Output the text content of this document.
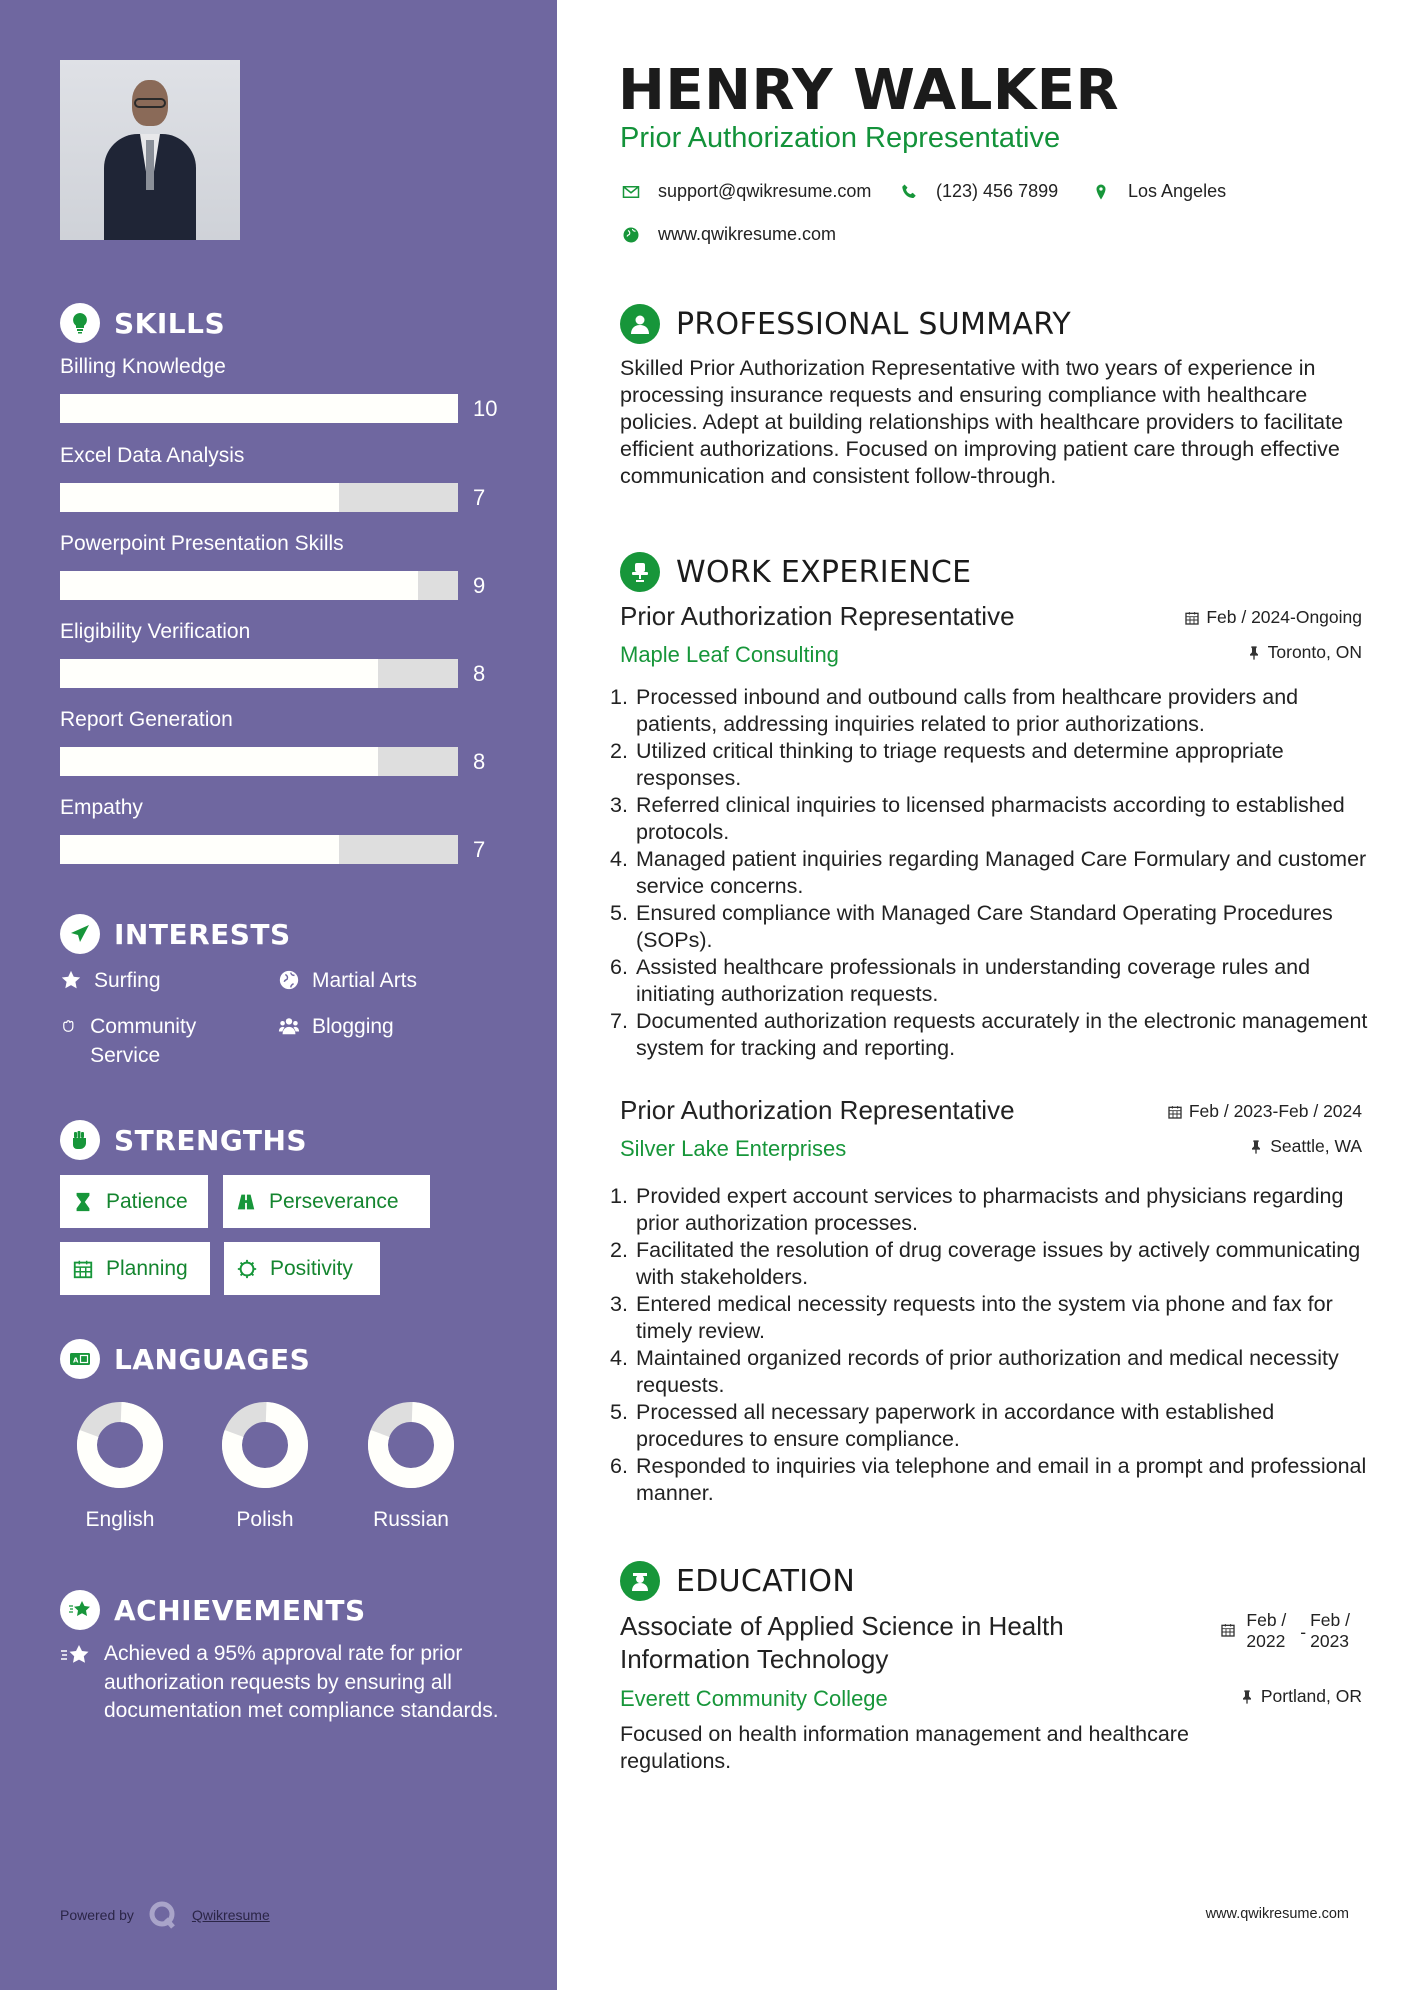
SKILLS
Billing Knowledge
10
Excel Data Analysis
7
Powerpoint Presentation Skills
9
Eligibility Verification
8
Report Generation
8
Empathy
7
INTERESTS
Surfing	Martial Arts
Community Service
Blogging
STRENGTHS
Patience	Perseverance
Planning	Positivity
A LANGUAGES
English	Polish	Russian
ACHIEVEMENTS
Achieved a 95% approval rate for prior authorization requests by ensuring all documentation met compliance standards.
Powered by	Qwikresume
HENRY WALKER
Prior Authorization Representative
support@qwikresume.com	(123) 456 7899	Los Angeles
www.qwikresume.com
PROFESSIONAL SUMMARY

Skilled Prior Authorization Representative with two years of experience in processing insurance requests and ensuring compliance with healthcare policies. Adept at building relationships with healthcare providers to facilitate efficient authorizations. Focused on improving patient care through effective communication and consistent follow-through.

WORK EXPERIENCE
Prior Authorization Representative
Maple Leaf Consulting
Feb / 2024-Ongoing
Toronto, ON
1. Processed inbound and outbound calls from healthcare providers and patients, addressing inquiries related to prior authorizations.
2. Utilized critical thinking to triage requests and determine appropriate responses.
3. Referred clinical inquiries to licensed pharmacists according to established protocols.
4. Managed patient inquiries regarding Managed Care Formulary and customer service concerns.
5. Ensured compliance with Managed Care Standard Operating Procedures (SOPs).
6. Assisted healthcare professionals in understanding coverage rules and initiating authorization requests.
7. Documented authorization requests accurately in the electronic management system for tracking and reporting.
Prior Authorization Representative
Silver Lake Enterprises
Feb / 2023-Feb / 2024
Seattle, WA
1. Provided expert account services to pharmacists and physicians regarding prior authorization processes.
2. Facilitated the resolution of drug coverage issues by actively communicating with stakeholders.
3. Entered medical necessity requests into the system via phone and fax for timely review.
4. Maintained organized records of prior authorization and medical necessity requests.
5. Processed all necessary paperwork in accordance with established procedures to ensure compliance.
6. Responded to inquiries via telephone and email in a prompt and professional manner.
EDUCATION
Associate of Applied Science in Health Information Technology
Everett Community College
Feb /
2022 -
Feb /
2023
Portland, OR

Focused on health information management and healthcare regulations.

www.qwikresume.com
